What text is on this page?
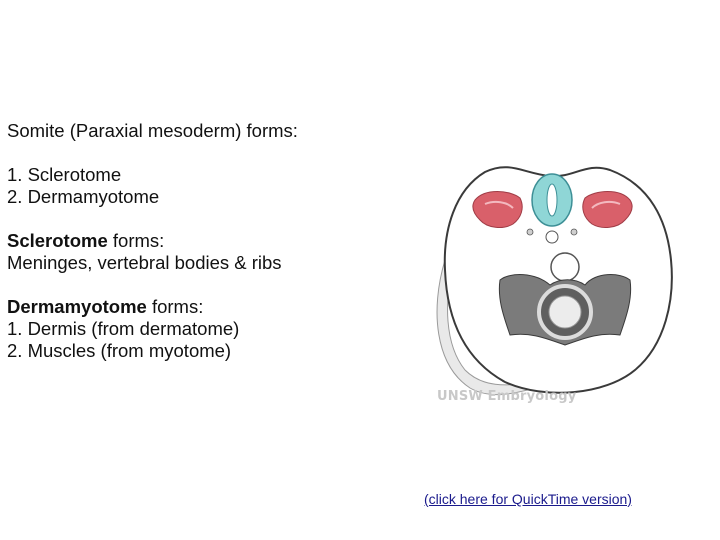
Somite (Paraxial mesoderm) forms:

1. Sclerotome

2. Dermamyotome

Sclerotome forms:

Meninges, vertebral bodies & ribs

Dermamyotome forms:

1. Dermis (from dermatome)

2. Muscles (from myotome)

UNSW Embryology
(click here for QuickTime version)
